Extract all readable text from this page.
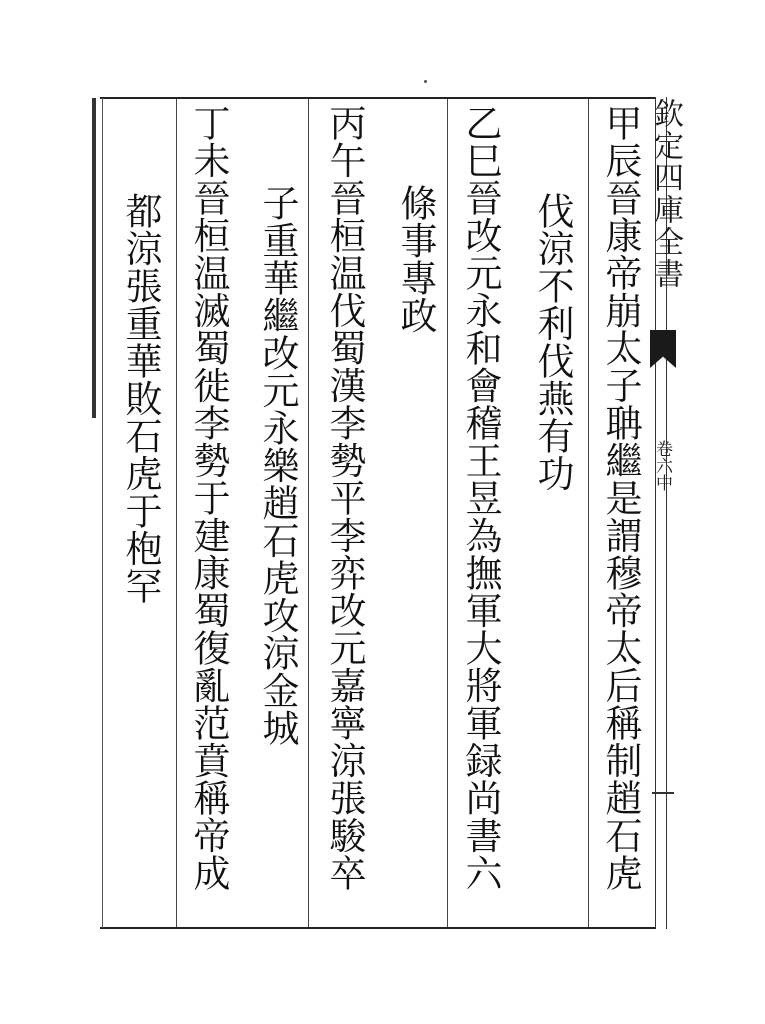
甲辰晉康帝崩太子聃繼是謂穆帝太后稱制趙石虎
伐涼不利伐燕有功
乙巳晉改元永和會稽王昱為撫軍大將軍録尚書六
條事專政
丙午晉桓温伐蜀漢李勢平李弈改元嘉寧涼張駿卒
子重華繼改元永樂趙石虎攻涼金城
丁未晉桓温滅蜀徙李勢于建康蜀復亂范賁稱帝成
都涼張重華敗石虎于枹罕	欽定四庫全書
卷六中
